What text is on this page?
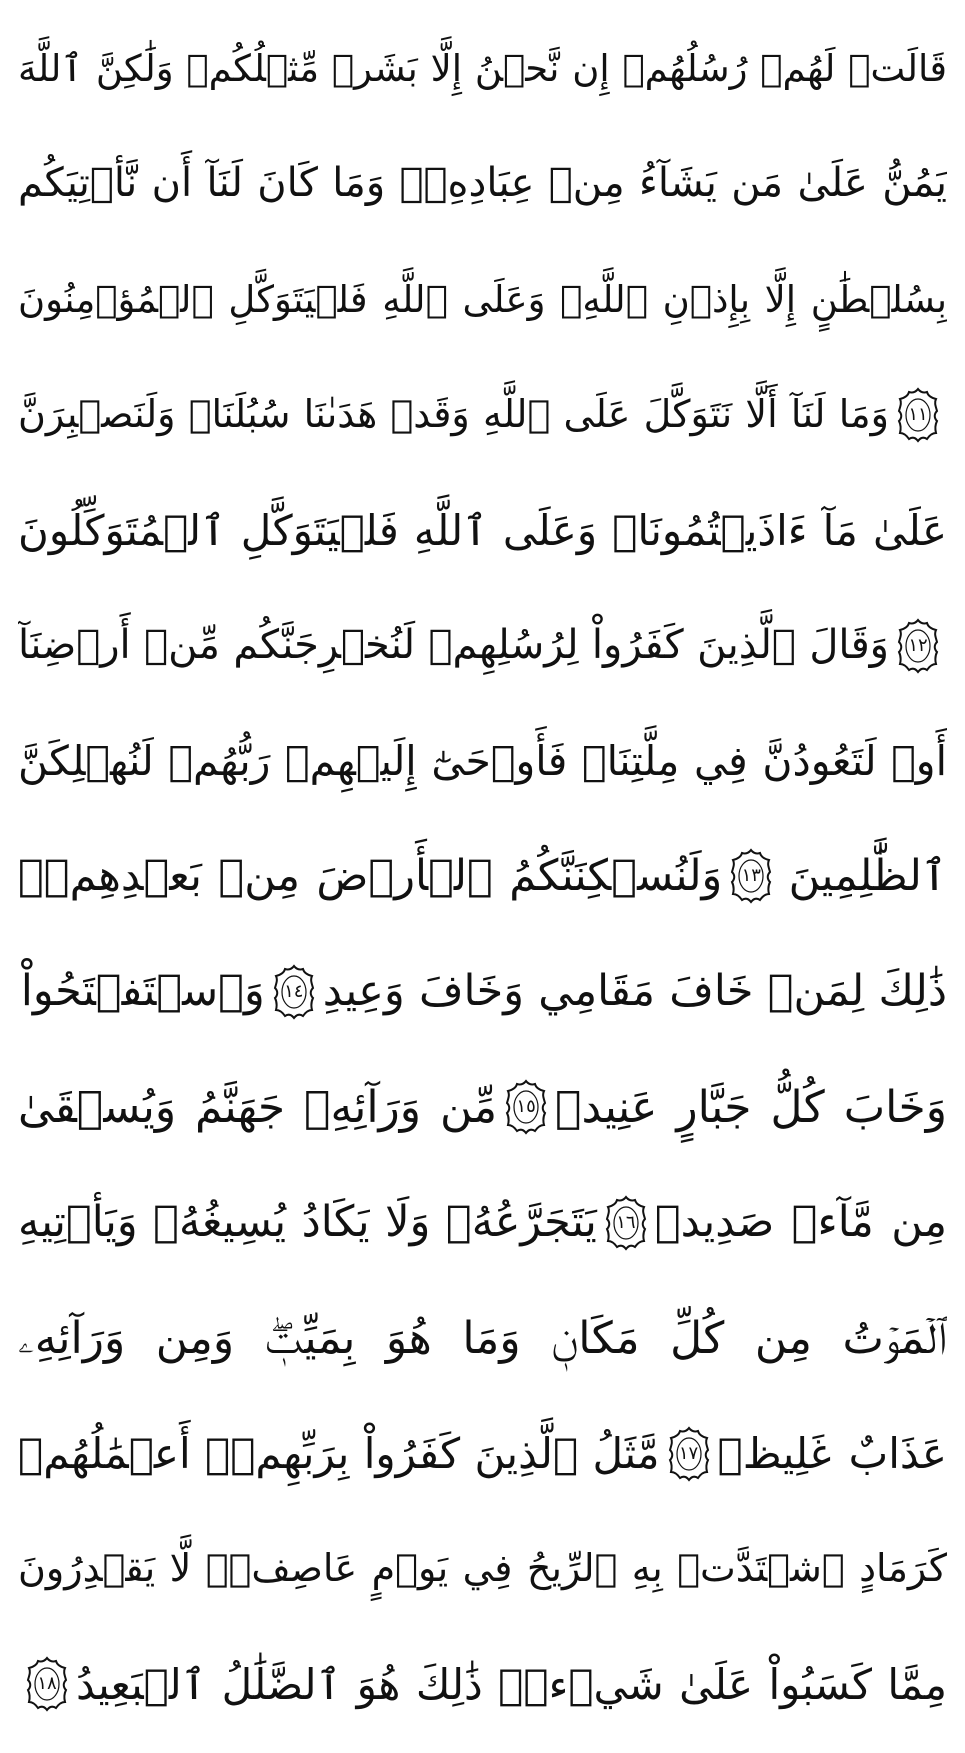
قَالَتۡ لَهُمۡ رُسُلُهُمۡ إِن نَّحۡنُ إِلَّا بَشَرٞ مِّثۡلُكُمۡ وَلَٰكِنَّ ٱللَّهَ
يَمُنُّ عَلَىٰ مَن يَشَآءُ مِنۡ عِبَادِهِۦۖ وَمَا كَانَ لَنَآ أَن نَّأۡتِيَكُم
بِسُلۡطَٰنٍ إِلَّا بِإِذۡنِ ٱللَّهِۚ وَعَلَى ٱللَّهِ فَلۡيَتَوَكَّلِ ٱلۡمُؤۡمِنُونَ
١١
وَمَا لَنَآ أَلَّا نَتَوَكَّلَ عَلَى ٱللَّهِ وَقَدۡ هَدَىٰنَا سُبُلَنَاۚ وَلَنَصۡبِرَنَّ
عَلَىٰ مَآ ءَاذَيۡتُمُونَاۚ وَعَلَى ٱللَّهِ فَلۡيَتَوَكَّلِ ٱلۡمُتَوَكِّلُونَ
١٢
وَقَالَ ٱلَّذِينَ كَفَرُواْ لِرُسُلِهِمۡ لَنُخۡرِجَنَّكُم مِّنۡ أَرۡضِنَآ
أَوۡ لَتَعُودُنَّ فِي مِلَّتِنَاۖ فَأَوۡحَىٰٓ إِلَيۡهِمۡ رَبُّهُمۡ لَنُهۡلِكَنَّ
ٱلظَّٰلِمِينَ
١٣
وَلَنُسۡكِنَنَّكُمُ ٱلۡأَرۡضَ مِنۢ بَعۡدِهِمۡۚ
ذَٰلِكَ لِمَنۡ خَافَ مَقَامِي وَخَافَ وَعِيدِ
١٤
وَٱسۡتَفۡتَحُواْ
وَخَابَ كُلُّ جَبَّارٍ عَنِيدٖ
١٥
مِّن وَرَآئِهِۦ جَهَنَّمُ وَيُسۡقَىٰ
مِن مَّآءٖ صَدِيدٖ
١٦
يَتَجَرَّعُهُۥ وَلَا يَكَادُ يُسِيغُهُۥ وَيَأۡتِيهِ
ٱلۡمَوۡتُ مِن كُلِّ مَكَانٖ وَمَا هُوَ بِمَيِّتٖۖ وَمِن وَرَآئِهِۦ
عَذَابٌ غَلِيظٞ
١٧
مَّثَلُ ٱلَّذِينَ كَفَرُواْ بِرَبِّهِمۡۖ أَعۡمَٰلُهُمۡ
كَرَمَادٍ ٱشۡتَدَّتۡ بِهِ ٱلرِّيحُ فِي يَوۡمٍ عَاصِفٖۖ لَّا يَقۡدِرُونَ
مِمَّا كَسَبُواْ عَلَىٰ شَيۡءٖۚ ذَٰلِكَ هُوَ ٱلضَّلَٰلُ ٱلۡبَعِيدُ
١٨
